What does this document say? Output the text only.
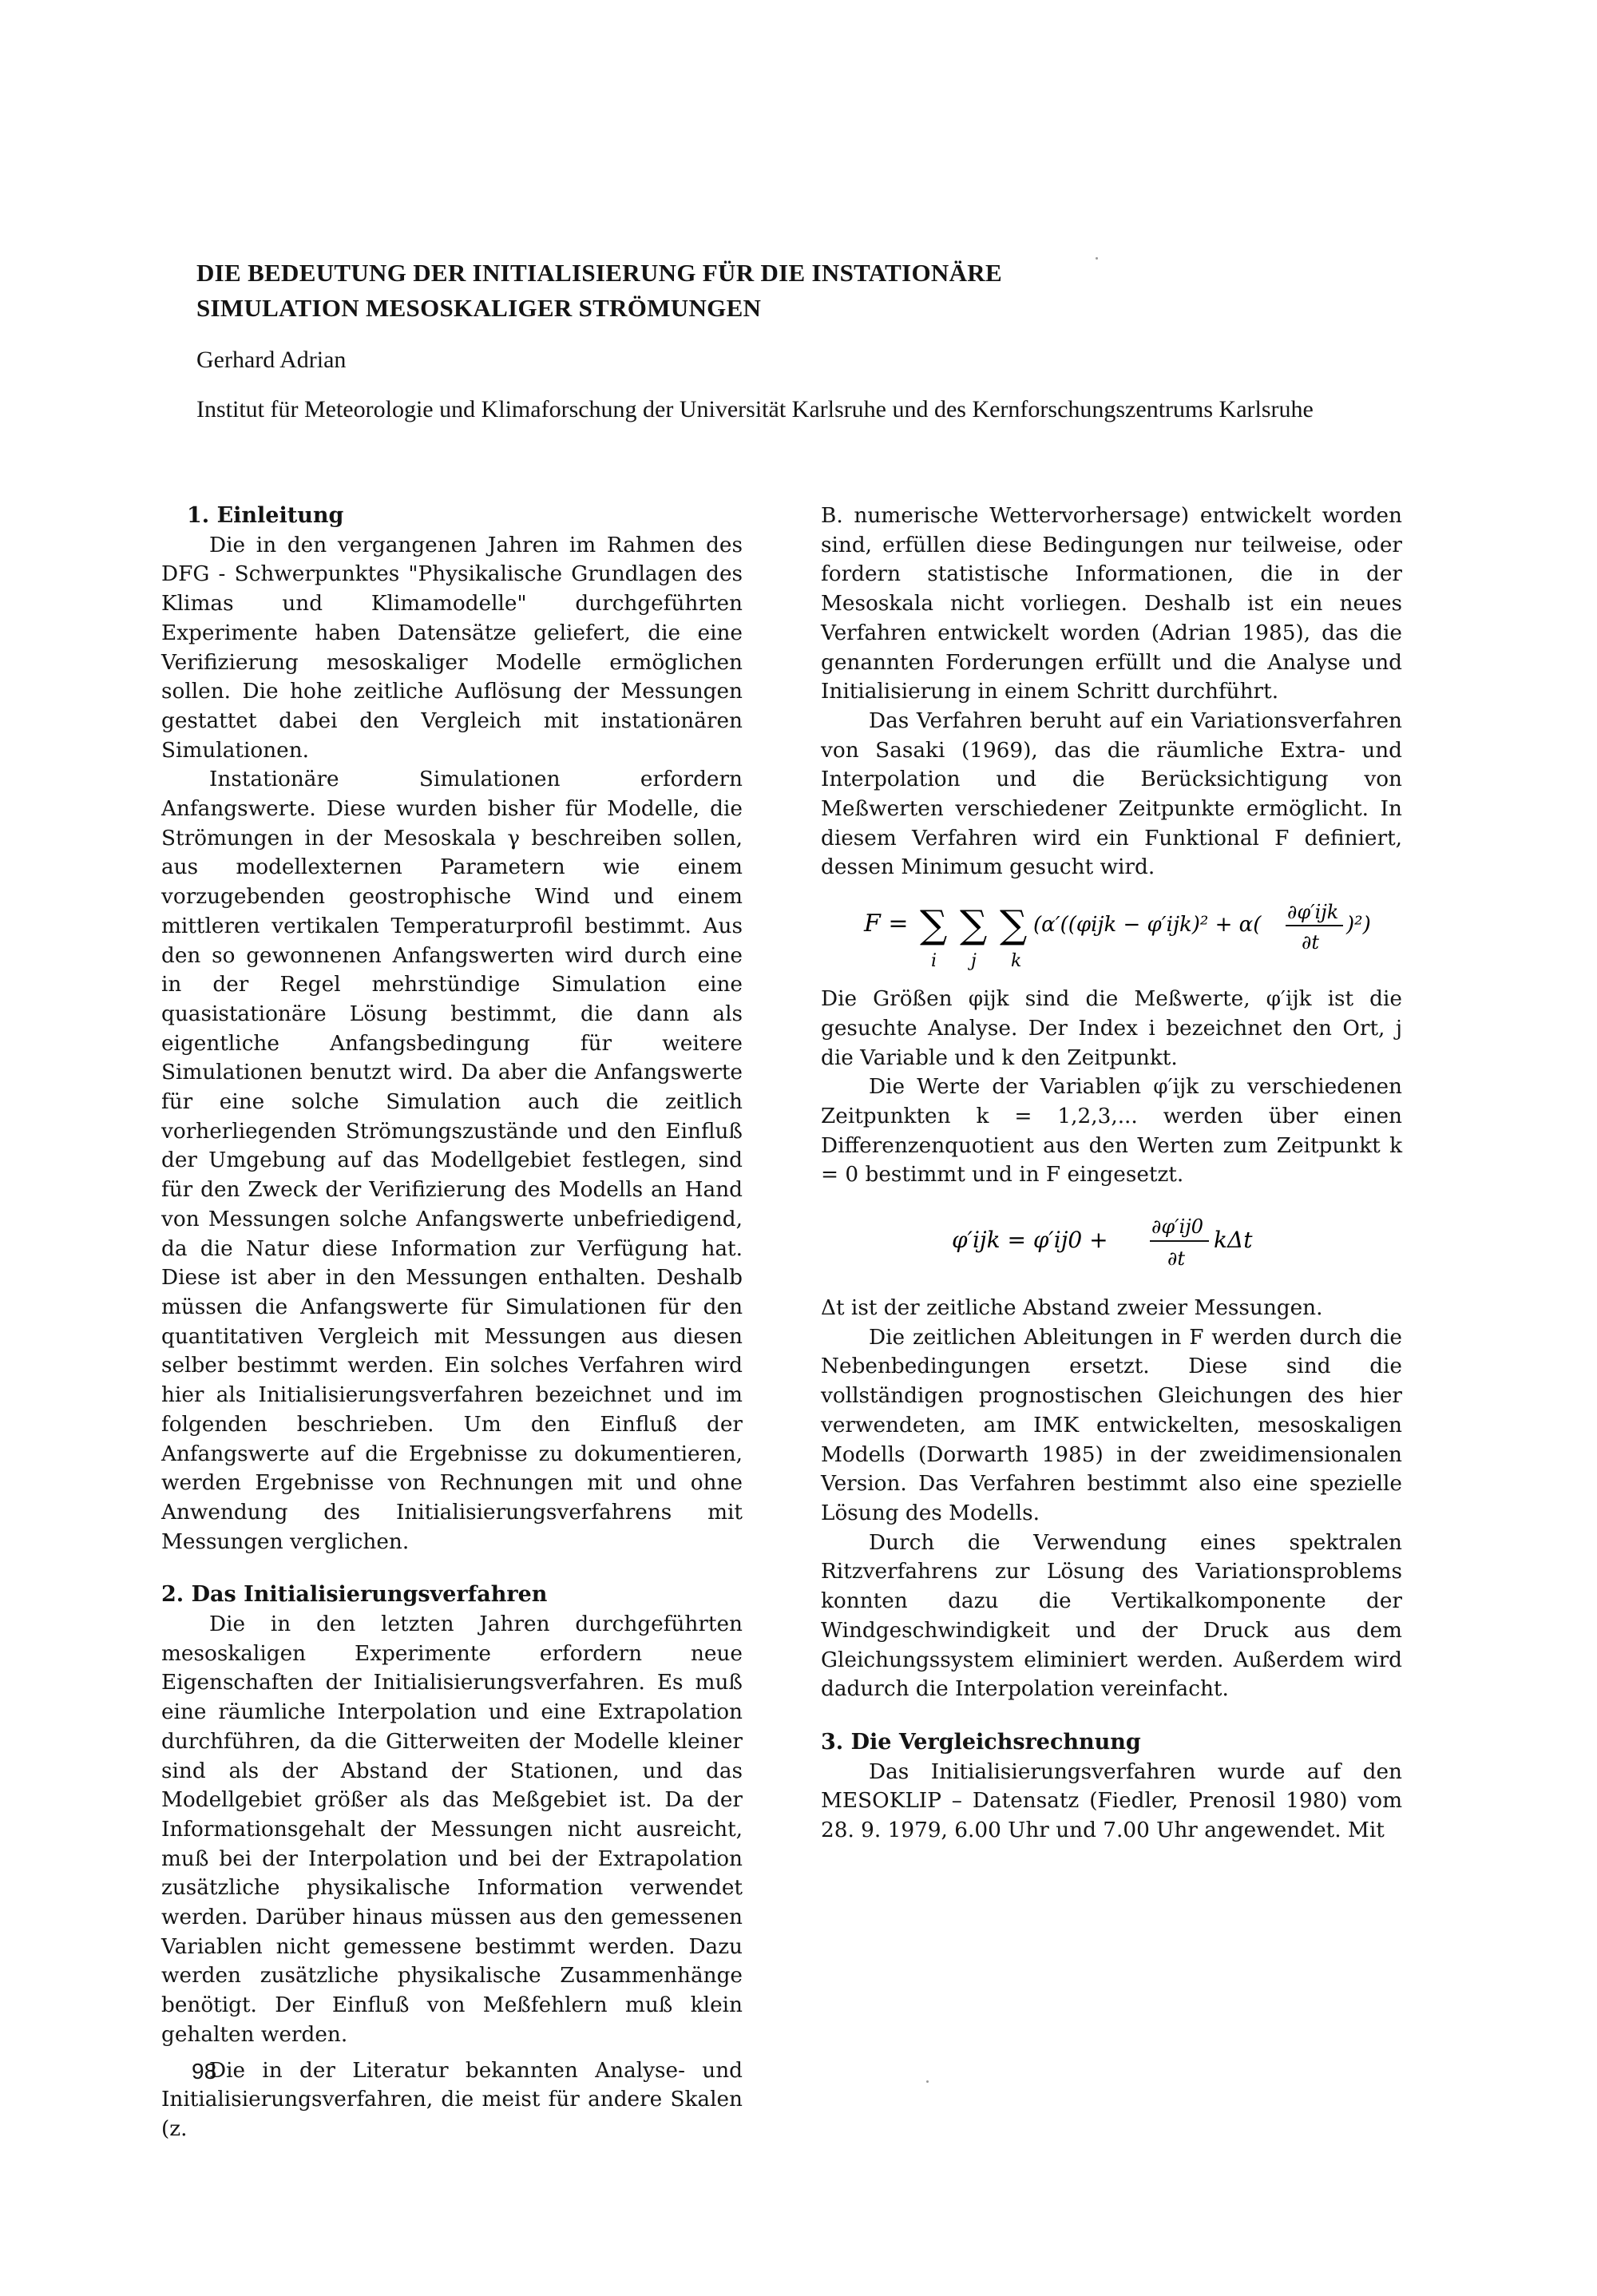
DIE BEDEUTUNG DER INITIALISIERUNG FÜR DIE INSTATIONÄRE
SIMULATION MESOSKALIGER STRÖMUNGEN

Gerhard Adrian

Institut für Meteorologie und Klimaforschung der Universität Karlsruhe und des Kernforschungszentrums Karlsruhe

1. Einleitung

Die in den vergangenen Jahren im Rahmen des DFG - Schwerpunktes "Physikalische Grundlagen des Klimas und Klimamodelle" durchgeführten Experimente haben Datensätze geliefert, die eine Verifizierung mesoskaliger Modelle ermöglichen sollen. Die hohe zeitliche Auflösung der Messungen gestattet dabei den Vergleich mit instationären Simulationen.

Instationäre Simulationen erfordern Anfangswerte. Diese wurden bisher für Modelle, die Strömungen in der Mesoskala γ beschreiben sollen, aus modellexternen Parametern wie einem vorzugebenden geostrophische Wind und einem mittleren vertikalen Temperaturprofil bestimmt. Aus den so gewonnenen Anfangswerten wird durch eine in der Regel mehrstündige Simulation eine quasistationäre Lösung bestimmt, die dann als eigentliche Anfangsbedingung für weitere Simulationen benutzt wird. Da aber die Anfangswerte für eine solche Simulation auch die zeitlich vorherliegenden Strömungszustände und den Einfluß der Umgebung auf das Modellgebiet festlegen, sind für den Zweck der Verifizierung des Modells an Hand von Messungen solche Anfangswerte unbefriedigend, da die Natur diese Information zur Verfügung hat. Diese ist aber in den Messungen enthalten. Deshalb müssen die Anfangswerte für Simulationen für den quantitativen Vergleich mit Messungen aus diesen selber bestimmt werden. Ein solches Verfahren wird hier als Initialisierungsverfahren bezeichnet und im folgenden beschrieben. Um den Einfluß der Anfangswerte auf die Ergebnisse zu dokumentieren, werden Ergebnisse von Rechnungen mit und ohne Anwendung des Initialisierungsverfahrens mit Messungen verglichen.

2. Das Initialisierungsverfahren

Die in den letzten Jahren durchgeführten mesoskaligen Experimente erfordern neue Eigenschaften der Initialisierungsverfahren. Es muß eine räumliche Interpolation und eine Extrapolation durchführen, da die Gitterweiten der Modelle kleiner sind als der Abstand der Stationen, und das Modellgebiet größer als das Meßgebiet ist. Da der Informationsgehalt der Messungen nicht ausreicht, muß bei der Interpolation und bei der Extrapolation zusätzliche physikalische Information verwendet werden. Darüber hinaus müssen aus den gemessenen Variablen nicht gemessene bestimmt werden. Dazu werden zusätzliche physikalische Zusammenhänge benötigt. Der Einfluß von Meßfehlern muß klein gehalten werden.

Die in der Literatur bekannten Analyse- und Initialisierungsverfahren, die meist für andere Skalen (z.

B. numerische Wettervorhersage) entwickelt worden sind, erfüllen diese Bedingungen nur teilweise, oder fordern statistische Informationen, die in der Mesoskala nicht vorliegen. Deshalb ist ein neues Verfahren entwickelt worden (Adrian 1985), das die genannten Forderungen erfüllt und die Analyse und Initialisierung in einem Schritt durchführt.

Das Verfahren beruht auf ein Variationsverfahren von Sasaki (1969), das die räumliche Extra- und Interpolation und die Berücksichtigung von Meßwerten verschiedener Zeitpunkte ermöglicht. In diesem Verfahren wird ein Funktional F definiert, dessen Minimum gesucht wird.

F = ∑
i
∑
j
∑
k
(α′((φijk − φ′ijk)² + α(
∂φ′ijk
∂t
)²)

Die Größen φijk sind die Meßwerte, φ′ijk ist die gesuchte Analyse. Der Index i bezeichnet den Ort, j die Variable und k den Zeitpunkt.

Die Werte der Variablen φ′ijk zu verschiedenen Zeitpunkten k = 1,2,3,... werden über einen Differenzenquotient aus den Werten zum Zeitpunkt k = 0 bestimmt und in F eingesetzt.

φ′ijk = φ′ij0 + ∂φ′ij0
∂t
kΔt

Δt ist der zeitliche Abstand zweier Messungen.

Die zeitlichen Ableitungen in F werden durch die Nebenbedingungen ersetzt. Diese sind die vollständigen prognostischen Gleichungen des hier verwendeten, am IMK entwickelten, mesoskaligen Modells (Dorwarth 1985) in der zweidimensionalen Version. Das Verfahren bestimmt also eine spezielle Lösung des Modells.

Durch die Verwendung eines spektralen Ritzverfahrens zur Lösung des Variationsproblems konnten dazu die Vertikalkomponente der Windgeschwindigkeit und der Druck aus dem Gleichungssystem eliminiert werden. Außerdem wird dadurch die Interpolation vereinfacht.

3. Die Vergleichsrechnung

Das Initialisierungsverfahren wurde auf den MESOKLIP – Datensatz (Fiedler, Prenosil 1980) vom 28. 9. 1979, 6.00 Uhr und 7.00 Uhr angewendet. Mit

98
